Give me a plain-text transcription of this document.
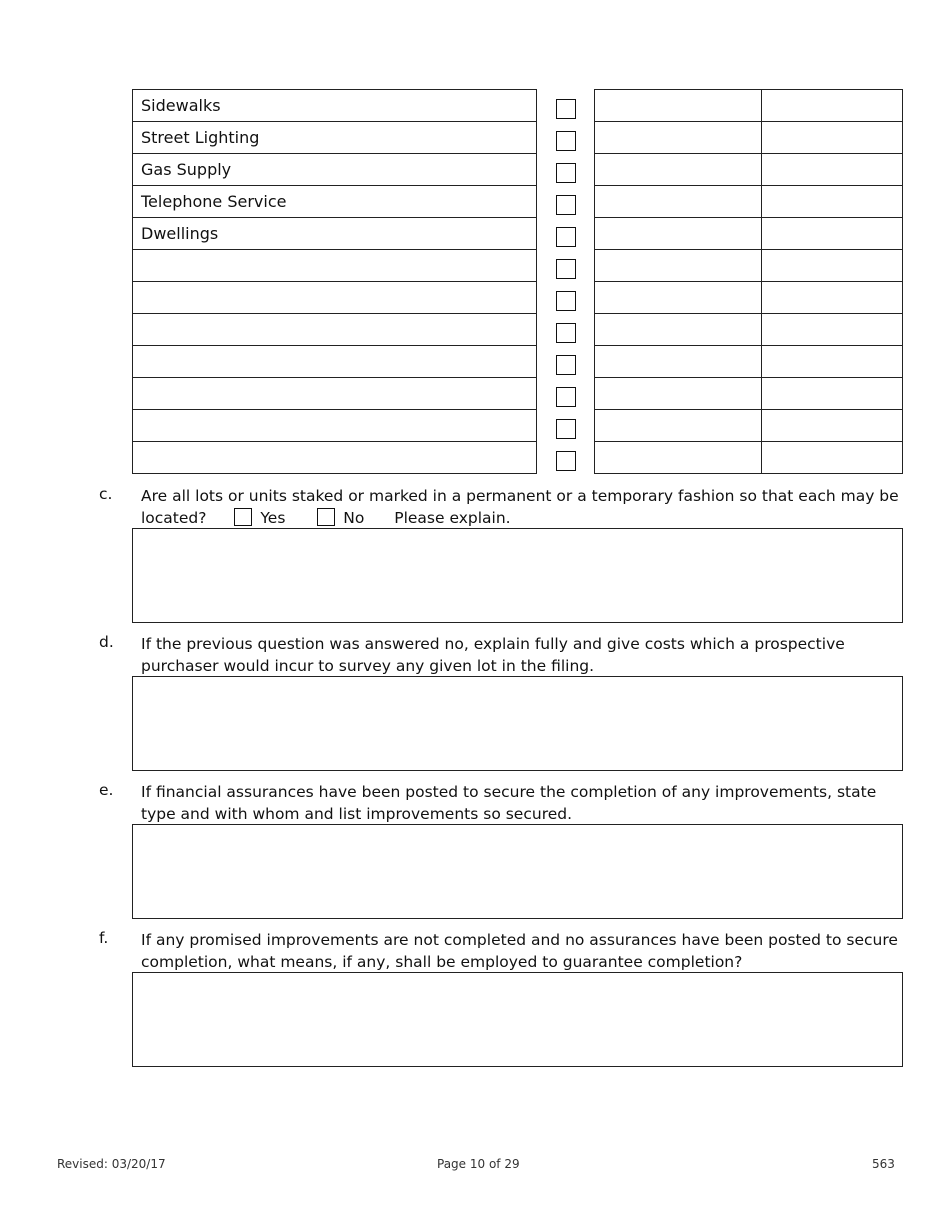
Sidewalks
Street Lighting
Gas Supply
Telephone Service
Dwellings
c. Are all lots or units staked or marked in a permanent or a temporary fashion so that each may be
located?	Yes	No Please explain.
d. If the previous question was answered no, explain fully and give costs which a prospective purchaser would incur to survey any given lot in the filing.
e. If financial assurances have been posted to secure the completion of any improvements, state type and with whom and list improvements so secured.
f. If any promised improvements are not completed and no assurances have been posted to secure completion, what means, if any, shall be employed to guarantee completion?
Revised: 03/20/17	Page 10 of 29	563
